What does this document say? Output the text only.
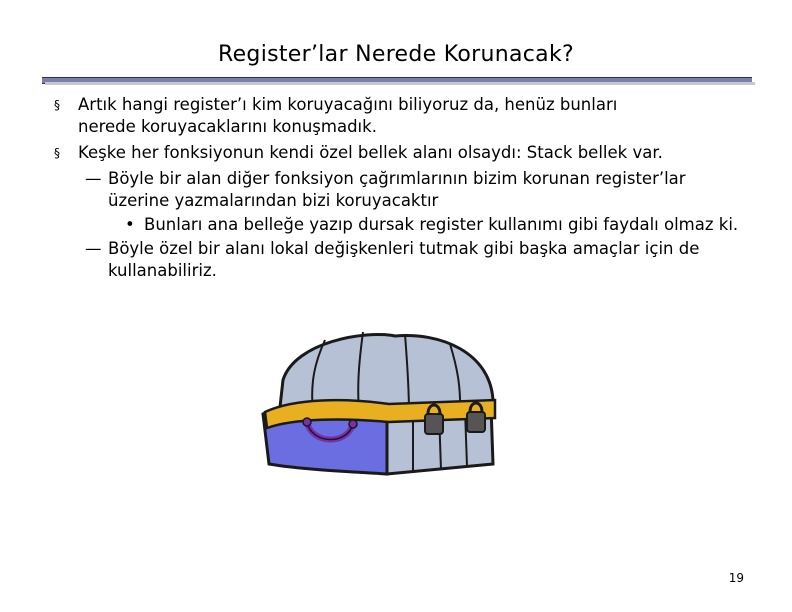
Register’lar Nerede Korunacak?
§ Artık hangi register’ı kim koruyacağını biliyoruz da, henüz bunları nerede koruyacaklarını konuşmadık.
§ Keşke her fonksiyonun kendi özel bellek alanı olsaydı: Stack bellek var.
— Böyle bir alan diğer fonksiyon çağrımlarının bizim korunan register’lar üzerine yazmalarından bizi koruyacaktır
• Bunları ana belleğe yazıp dursak register kullanımı gibi faydalı olmaz ki.
— Böyle özel bir alanı lokal değişkenleri tutmak gibi başka amaçlar için de kullanabiliriz.
19
